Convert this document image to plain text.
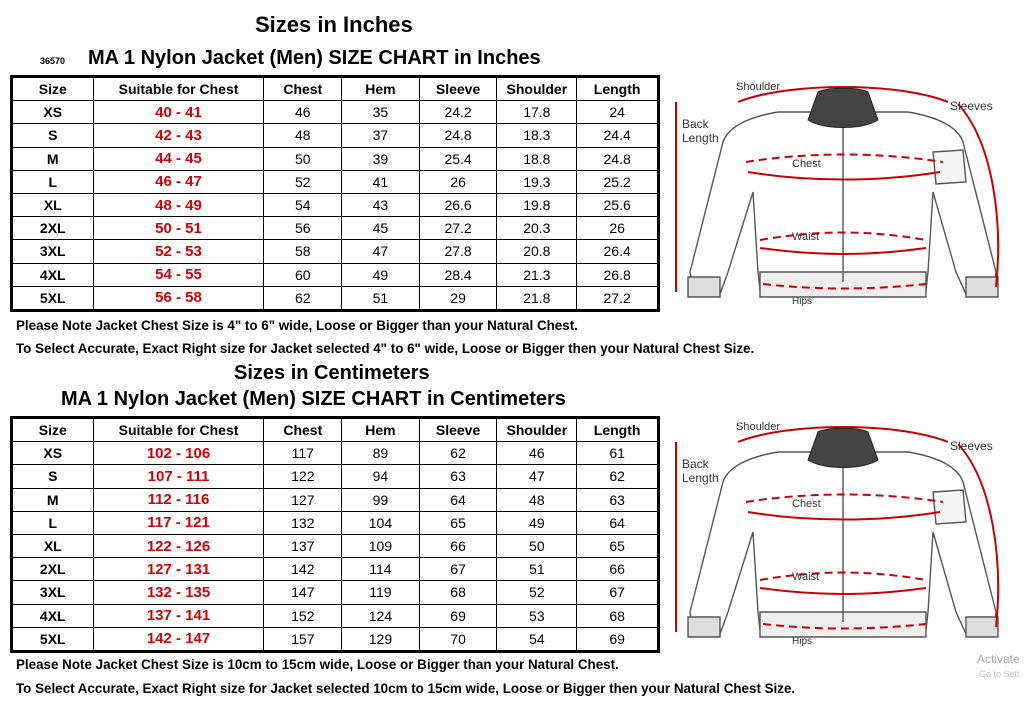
Sizes in Inches
36570 MA 1 Nylon Jacket (Men) SIZE CHART in Inches
Size	Suitable for Chest	Chest	Hem	Sleeve	Shoulder	Length
XS	40 - 41	46	35	24.2	17.8	24
S	42 - 43	48	37	24.8	18.3	24.4
M	44 - 45	50	39	25.4	18.8	24.8
L	46 - 47	52	41	26	19.3	25.2
XL	48 - 49	54	43	26.6	19.8	25.6
2XL	50 - 51	56	45	27.2	20.3	26
3XL	52 - 53	58	47	27.8	20.8	26.4
4XL	54 - 55	60	49	28.4	21.3	26.8
5XL	56 - 58	62	51	29	21.8	27.2
Please Note Jacket Chest Size is 4" to 6" wide, Loose or Bigger than your Natural Chest.
To Select Accurate, Exact Right size for Jacket selected 4" to 6" wide, Loose or Bigger then your Natural Chest Size.
Sizes in Centimeters
MA 1 Nylon Jacket (Men) SIZE CHART in Centimeters
Size	Suitable for Chest	Chest	Hem	Sleeve	Shoulder	Length
XS	102 - 106	117	89	62	46	61
S	107 - 111	122	94	63	47	62
M	112 - 116	127	99	64	48	63
L	117 - 121	132	104	65	49	64
XL	122 - 126	137	109	66	50	65
2XL	127 - 131	142	114	67	51	66
3XL	132 - 135	147	119	68	52	67
4XL	137 - 141	152	124	69	53	68
5XL	142 - 147	157	129	70	54	69
Please Note Jacket Chest Size is 10cm to 15cm wide, Loose or Bigger than your Natural Chest.
To Select Accurate, Exact Right size for Jacket selected 10cm to 15cm wide, Loose or Bigger then your Natural Chest Size.
Shoulder
Sleeves
Back
Length
Chest
Waist
Hips
Shoulder
Sleeves
Back
Length
Chest
Waist
Hips
Activate
Go to Sett
